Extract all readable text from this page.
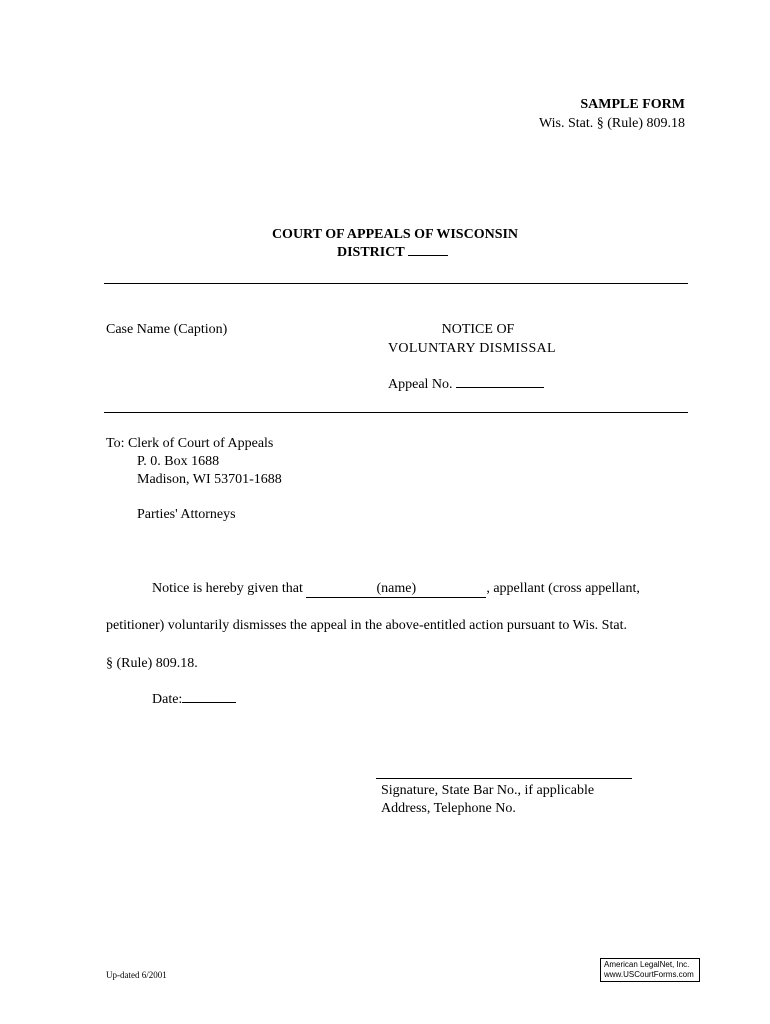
SAMPLE FORM
Wis. Stat. § (Rule) 809.18
COURT OF APPEALS OF WISCONSIN
DISTRICT
Case Name (Caption)	NOTICE OF
VOLUNTARY DISMISSAL
Appeal No.
To: Clerk of Court of Appeals
P. 0. Box 1688
Madison, WI 53701-1688
Parties' Attorneys
Notice is hereby given that	(name)	, appellant (cross appellant,
petitioner) voluntarily dismisses the appeal in the above-entitled action pursuant to Wis. Stat.
§ (Rule) 809.18.
Date:
Signature, State Bar No., if applicable
Address, Telephone No.
Up-dated 6/2001
American LegalNet, Inc.
www.USCourtForms.com
